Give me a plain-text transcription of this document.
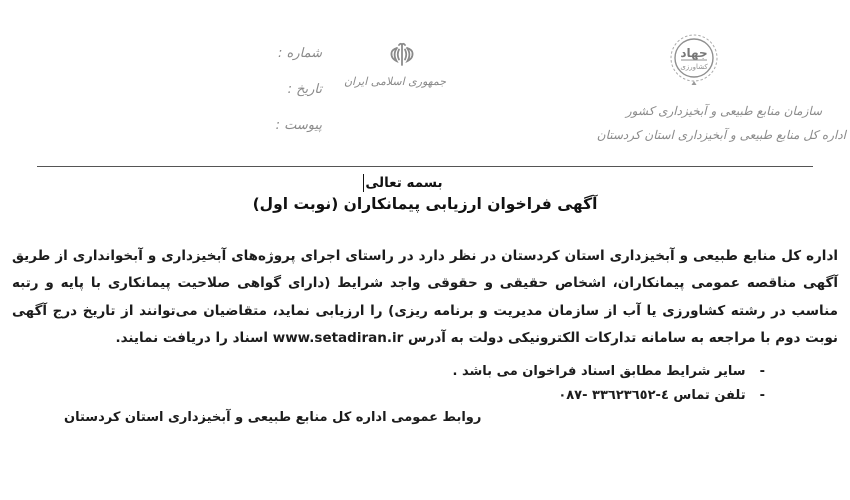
شماره :
تاریخ :
پیوست :
جمهوری اسلامی ایران
جهاد
کشاورزی
سازمان منابع طبیعی و آبخیزداری کشور
اداره کل منابع طبیعی و آبخیزداری استان کردستان
بسمه تعالی
آگهی فراخوان ارزیابی پیمانکاران (نوبت اول)

اداره کل منابع طبیعی و آبخیزداری استان کردستان در نظر دارد در راستای اجرای پروژه‌های آبخیزداری و آبخوانداری از طریق آگهی مناقصه عمومی پیمانکاران، اشخاص حقیقی و حقوقی واجد شرایط (دارای گواهی صلاحیت پیمانکاری با پایه و رتبه مناسب در رشته کشاورزی یا آب از سازمان مدیریت و برنامه ریزی) را ارزیابی نماید، متقاضیان می‌توانند از تاریخ درج آگهی نوبت دوم با مراجعه به سامانه تدارکات الکترونیکی دولت به آدرس www.setadiran.ir اسناد را دریافت نمایند.

- سایر شرایط مطابق اسناد فراخوان می باشد .
- تلفن تماس ٤-٣٣٦٢٣٦٥٢ -٠٨٧
روابط عمومی اداره کل منابع طبیعی و آبخیزداری استان کردستان
